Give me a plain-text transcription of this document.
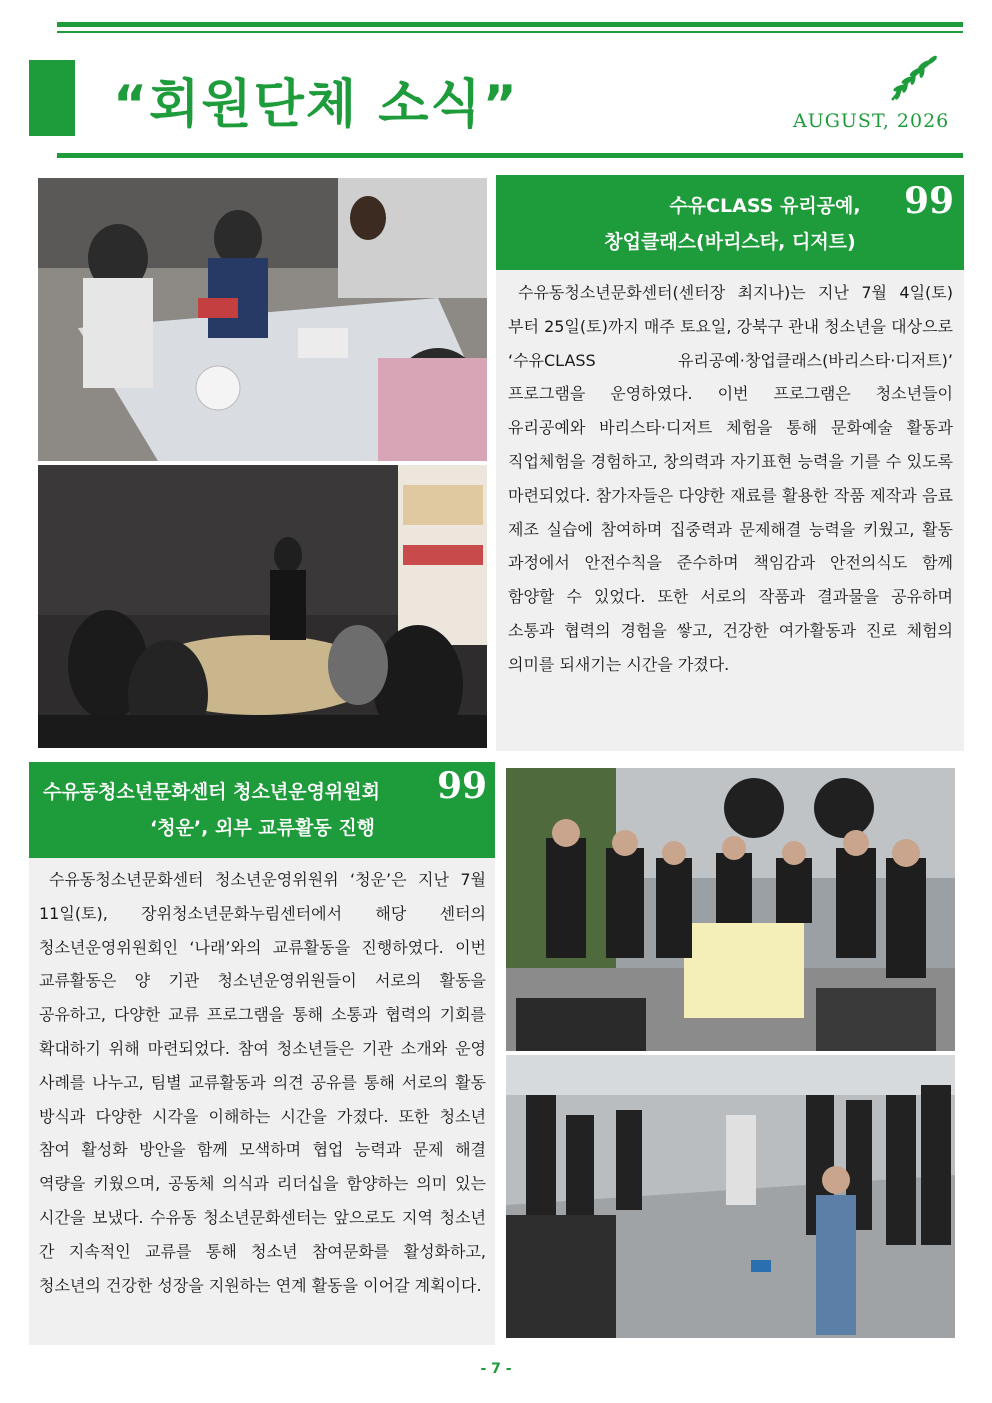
“회원단체 소식”	AUGUST, 2026
수유CLASS 유리공예,
창업클래스(바리스타, 디저트)
99

수유동청소년문화센터(센터장 최지나)는 지난 7월 4일(토)부터 25일(토)까지 매주 토요일, 강북구 관내 청소년을 대상으로 ‘수유CLASS 유리공예·창업클래스(바리스타·디저트)’ 프로그램을 운영하였다. 이번 프로그램은 청소년들이 유리공예와 바리스타·디저트 체험을 통해 문화예술 활동과 직업체험을 경험하고, 창의력과 자기표현 능력을 기를 수 있도록 마련되었다. 참가자들은 다양한 재료를 활용한 작품 제작과 음료 제조 실습에 참여하며 집중력과 문제해결 능력을 키웠고, 활동 과정에서 안전수칙을 준수하며 책임감과 안전의식도 함께 함양할 수 있었다. 또한 서로의 작품과 결과물을 공유하며 소통과 협력의 경험을 쌓고, 건강한 여가활동과 진로 체험의 의미를 되새기는 시간을 가졌다.

수유동청소년문화센터 청소년운영위원회
‘청운’, 외부 교류활동 진행
99

수유동청소년문화센터 청소년운영위원위 ‘청운’은 지난 7월 11일(토), 장위청소년문화누림센터에서 해당 센터의 청소년운영위원회인 ‘나래’와의 교류활동을 진행하였다. 이번 교류활동은 양 기관 청소년운영위원들이 서로의 활동을 공유하고, 다양한 교류 프로그램을 통해 소통과 협력의 기회를 확대하기 위해 마련되었다. 참여 청소년들은 기관 소개와 운영 사례를 나누고, 팀별 교류활동과 의견 공유를 통해 서로의 활동 방식과 다양한 시각을 이해하는 시간을 가졌다. 또한 청소년 참여 활성화 방안을 함께 모색하며 협업 능력과 문제 해결 역량을 키웠으며, 공동체 의식과 리더십을 함양하는 의미 있는 시간을 보냈다. 수유동 청소년문화센터는 앞으로도 지역 청소년 간 지속적인 교류를 통해 청소년 참여문화를 활성화하고, 청소년의 건강한 성장을 지원하는 연계 활동을 이어갈 계획이다.

- 7 -
